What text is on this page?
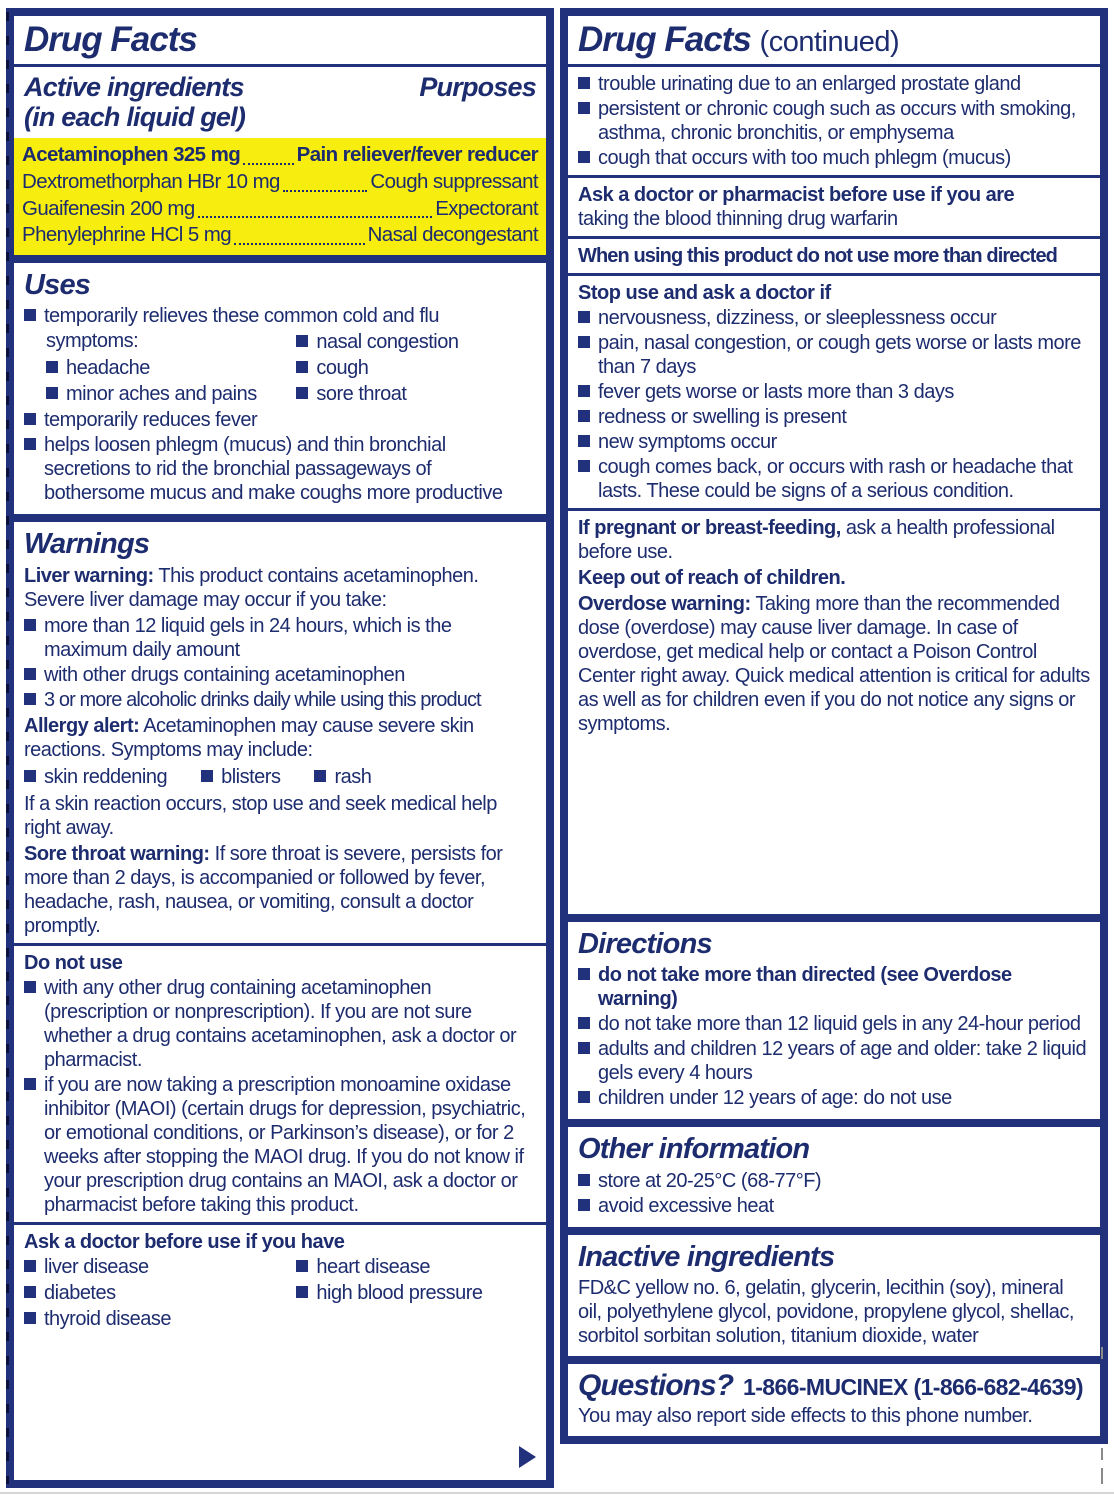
Drug Facts
Active ingredients
(in each liquid gel)
Purposes
Acetaminophen 325 mg	Pain reliever/fever reducer
Dextromethorphan HBr 10 mg	Cough suppressant
Guaifenesin 200 mg	Expectorant
Phenylephrine HCl 5 mg	Nasal decongestant
Uses
temporarily relieves these common cold and flu
symptoms:	nasal congestion
headache	cough
minor aches and pains	sore throat
temporarily reduces fever
helps loosen phlegm (mucus) and thin bronchial secretions to rid the bronchial passageways of bothersome mucus and make coughs more productive
Warnings
Liver warning: This product contains acetaminophen. Severe liver damage may occur if you take:
more than 12 liquid gels in 24 hours, which is the maximum daily amount
with other drugs containing acetaminophen
3 or more alcoholic drinks daily while using this product
Allergy alert: Acetaminophen may cause severe skin reactions. Symptoms may include:
skin reddening	blisters	rash
If a skin reaction occurs, stop use and seek medical help right away.
Sore throat warning: If sore throat is severe, persists for more than 2 days, is accompanied or followed by fever, headache, rash, nausea, or vomiting, consult a doctor promptly.
Do not use
with any other drug containing acetaminophen (prescription or nonprescription). If you are not sure whether a drug contains acetaminophen, ask a doctor or pharmacist.
if you are now taking a prescription monoamine oxidase inhibitor (MAOI) (certain drugs for depression, psychiatric, or emotional conditions, or Parkinson’s disease), or for 2 weeks after stopping the MAOI drug. If you do not know if your prescription drug contains an MAOI, ask a doctor or pharmacist before taking this product.
Ask a doctor before use if you have
liver disease	heart disease
diabetes	high blood pressure
thyroid disease
Drug Facts (continued)
trouble urinating due to an enlarged prostate gland
persistent or chronic cough such as occurs with smoking, asthma, chronic bronchitis, or emphysema
cough that occurs with too much phlegm (mucus)
Ask a doctor or pharmacist before use if you are
taking the blood thinning drug warfarin
When using this product do not use more than directed
Stop use and ask a doctor if
nervousness, dizziness, or sleeplessness occur
pain, nasal congestion, or cough gets worse or lasts more than 7 days
fever gets worse or lasts more than 3 days
redness or swelling is present
new symptoms occur
cough comes back, or occurs with rash or headache that lasts. These could be signs of a serious condition.
If pregnant or breast-feeding, ask a health professional before use.
Keep out of reach of children.
Overdose warning: Taking more than the recommended dose (overdose) may cause liver damage. In case of overdose, get medical help or contact a Poison Control Center right away. Quick medical attention is critical for adults as well as for children even if you do not notice any signs or symptoms.
Directions
do not take more than directed (see Overdose warning)
do not take more than 12 liquid gels in any 24-hour period
adults and children 12 years of age and older: take 2 liquid gels every 4 hours
children under 12 years of age: do not use
Other information
store at 20-25°C (68-77°F)
avoid excessive heat
Inactive ingredients
FD&C yellow no. 6, gelatin, glycerin, lecithin (soy), mineral oil, polyethylene glycol, povidone, propylene glycol, shellac, sorbitol sorbitan solution, titanium dioxide, water
Questions? 1-866-MUCINEX (1-866-682-4639)
You may also report side effects to this phone number.
